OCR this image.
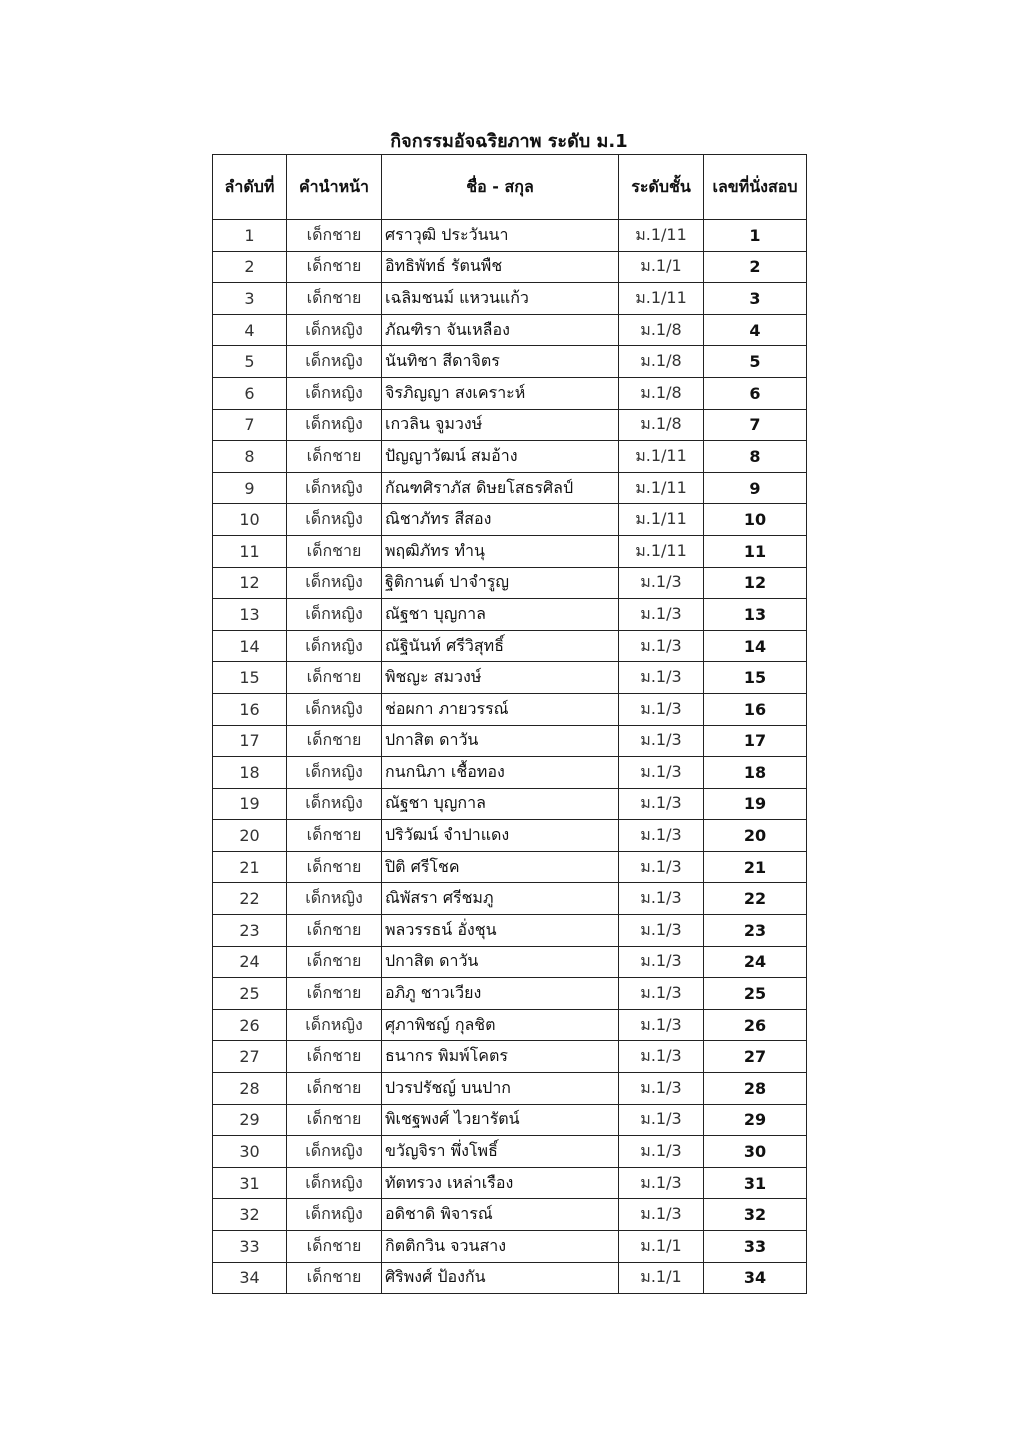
กิจกรรมอัจฉริยภาพ ระดับ ม.1
ลำดับที่	คำนำหน้า	ชื่อ - สกุล	ระดับชั้น	เลขที่นั่งสอบ
1	เด็กชาย	ศราวุฒิ ประวันนา	ม.1/11	1
2	เด็กชาย	อิทธิพัทธ์ รัตนพืช	ม.1/1	2
3	เด็กชาย	เฉลิมชนม์ แหวนแก้ว	ม.1/11	3
4	เด็กหญิง	ภัณฑิรา จันเหลือง	ม.1/8	4
5	เด็กหญิง	นันทิชา สีดาจิตร	ม.1/8	5
6	เด็กหญิง	จิรภิญญา สงเคราะห์	ม.1/8	6
7	เด็กหญิง	เกวลิน จูมวงษ์	ม.1/8	7
8	เด็กชาย	ปัญญาวัฒน์ สมอ้าง	ม.1/11	8
9	เด็กหญิง	กัณฑศิราภัส ดิษยโสธรศิลป์	ม.1/11	9
10	เด็กหญิง	ณิชาภัทร สีสอง	ม.1/11	10
11	เด็กชาย	พฤฒิภัทร ทำนุ	ม.1/11	11
12	เด็กหญิง	ฐิติกานต์ ปาจำรูญ	ม.1/3	12
13	เด็กหญิง	ณัฐชา บุญกาล	ม.1/3	13
14	เด็กหญิง	ณัฐินันท์ ศรีวิสุทธิ์	ม.1/3	14
15	เด็กชาย	พิชญะ สมวงษ์	ม.1/3	15
16	เด็กหญิง	ช่อผกา ภายวรรณ์	ม.1/3	16
17	เด็กชาย	ปกาสิต ดาวัน	ม.1/3	17
18	เด็กหญิง	กนกนิภา เชื้อทอง	ม.1/3	18
19	เด็กหญิง	ณัฐชา บุญกาล	ม.1/3	19
20	เด็กชาย	ปริวัฒน์ จำปาแดง	ม.1/3	20
21	เด็กชาย	ปิติ ศรีโชค	ม.1/3	21
22	เด็กหญิง	ณิพัสรา ศรีชมภู	ม.1/3	22
23	เด็กชาย	พลวรรธน์ อั่งชุน	ม.1/3	23
24	เด็กชาย	ปกาสิต ดาวัน	ม.1/3	24
25	เด็กชาย	อภิภู ชาวเวียง	ม.1/3	25
26	เด็กหญิง	ศุภาพิชญ์ กุลชิต	ม.1/3	26
27	เด็กชาย	ธนากร พิมพ์โคตร	ม.1/3	27
28	เด็กชาย	ปวรปรัชญ์ บนปาก	ม.1/3	28
29	เด็กชาย	พิเชฐพงศ์ ไวยารัตน์	ม.1/3	29
30	เด็กหญิง	ขวัญจิรา พึ่งโพธิ์	ม.1/3	30
31	เด็กหญิง	ทัตทรวง เหล่าเรือง	ม.1/3	31
32	เด็กหญิง	อดิชาดิ พิจารณ์	ม.1/3	32
33	เด็กชาย	กิตติกวิน จวนสาง	ม.1/1	33
34	เด็กชาย	ศิริพงศ์ ป้องกัน	ม.1/1	34
